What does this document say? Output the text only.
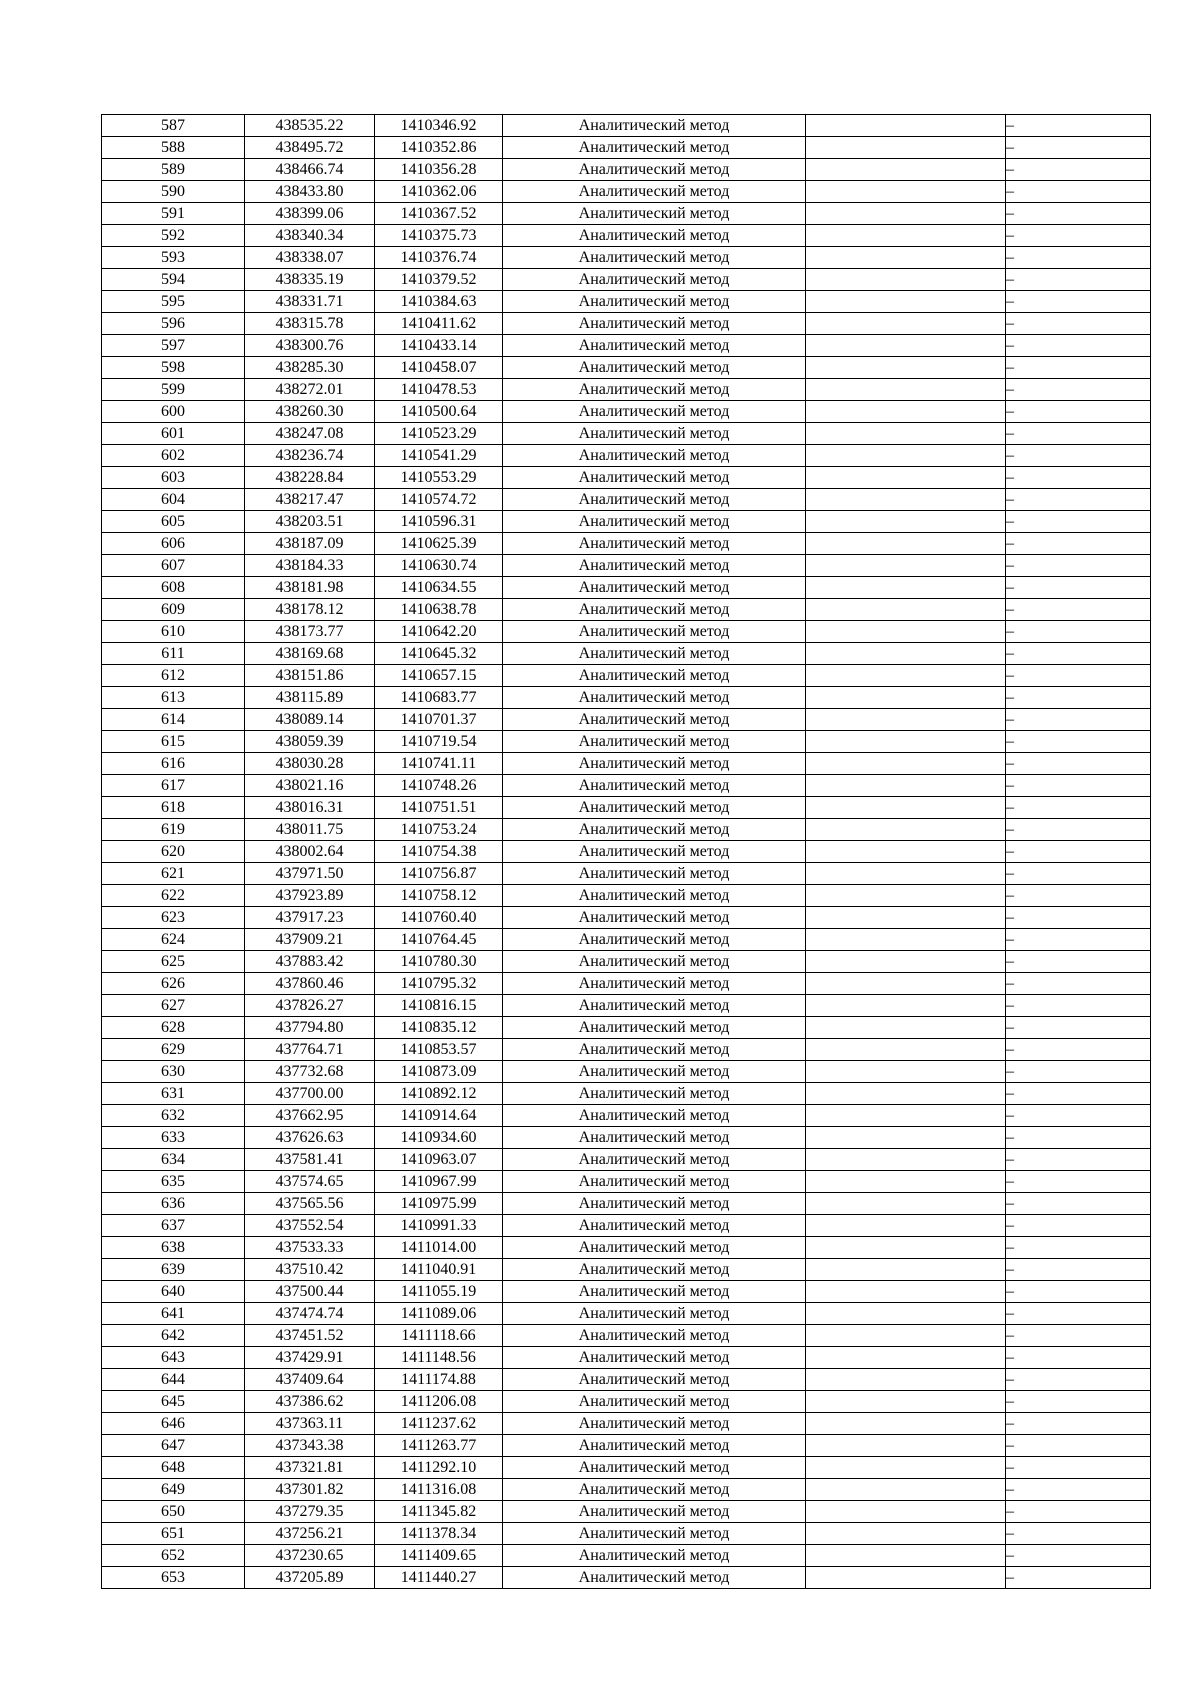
587	438535.22	1410346.92	Аналитический метод		–
588	438495.72	1410352.86	Аналитический метод		–
589	438466.74	1410356.28	Аналитический метод		–
590	438433.80	1410362.06	Аналитический метод		–
591	438399.06	1410367.52	Аналитический метод		–
592	438340.34	1410375.73	Аналитический метод		–
593	438338.07	1410376.74	Аналитический метод		–
594	438335.19	1410379.52	Аналитический метод		–
595	438331.71	1410384.63	Аналитический метод		–
596	438315.78	1410411.62	Аналитический метод		–
597	438300.76	1410433.14	Аналитический метод		–
598	438285.30	1410458.07	Аналитический метод		–
599	438272.01	1410478.53	Аналитический метод		–
600	438260.30	1410500.64	Аналитический метод		–
601	438247.08	1410523.29	Аналитический метод		–
602	438236.74	1410541.29	Аналитический метод		–
603	438228.84	1410553.29	Аналитический метод		–
604	438217.47	1410574.72	Аналитический метод		–
605	438203.51	1410596.31	Аналитический метод		–
606	438187.09	1410625.39	Аналитический метод		–
607	438184.33	1410630.74	Аналитический метод		–
608	438181.98	1410634.55	Аналитический метод		–
609	438178.12	1410638.78	Аналитический метод		–
610	438173.77	1410642.20	Аналитический метод		–
611	438169.68	1410645.32	Аналитический метод		–
612	438151.86	1410657.15	Аналитический метод		–
613	438115.89	1410683.77	Аналитический метод		–
614	438089.14	1410701.37	Аналитический метод		–
615	438059.39	1410719.54	Аналитический метод		–
616	438030.28	1410741.11	Аналитический метод		–
617	438021.16	1410748.26	Аналитический метод		–
618	438016.31	1410751.51	Аналитический метод		–
619	438011.75	1410753.24	Аналитический метод		–
620	438002.64	1410754.38	Аналитический метод		–
621	437971.50	1410756.87	Аналитический метод		–
622	437923.89	1410758.12	Аналитический метод		–
623	437917.23	1410760.40	Аналитический метод		–
624	437909.21	1410764.45	Аналитический метод		–
625	437883.42	1410780.30	Аналитический метод		–
626	437860.46	1410795.32	Аналитический метод		–
627	437826.27	1410816.15	Аналитический метод		–
628	437794.80	1410835.12	Аналитический метод		–
629	437764.71	1410853.57	Аналитический метод		–
630	437732.68	1410873.09	Аналитический метод		–
631	437700.00	1410892.12	Аналитический метод		–
632	437662.95	1410914.64	Аналитический метод		–
633	437626.63	1410934.60	Аналитический метод		–
634	437581.41	1410963.07	Аналитический метод		–
635	437574.65	1410967.99	Аналитический метод		–
636	437565.56	1410975.99	Аналитический метод		–
637	437552.54	1410991.33	Аналитический метод		–
638	437533.33	1411014.00	Аналитический метод		–
639	437510.42	1411040.91	Аналитический метод		–
640	437500.44	1411055.19	Аналитический метод		–
641	437474.74	1411089.06	Аналитический метод		–
642	437451.52	1411118.66	Аналитический метод		–
643	437429.91	1411148.56	Аналитический метод		–
644	437409.64	1411174.88	Аналитический метод		–
645	437386.62	1411206.08	Аналитический метод		–
646	437363.11	1411237.62	Аналитический метод		–
647	437343.38	1411263.77	Аналитический метод		–
648	437321.81	1411292.10	Аналитический метод		–
649	437301.82	1411316.08	Аналитический метод		–
650	437279.35	1411345.82	Аналитический метод		–
651	437256.21	1411378.34	Аналитический метод		–
652	437230.65	1411409.65	Аналитический метод		–
653	437205.89	1411440.27	Аналитический метод		–
